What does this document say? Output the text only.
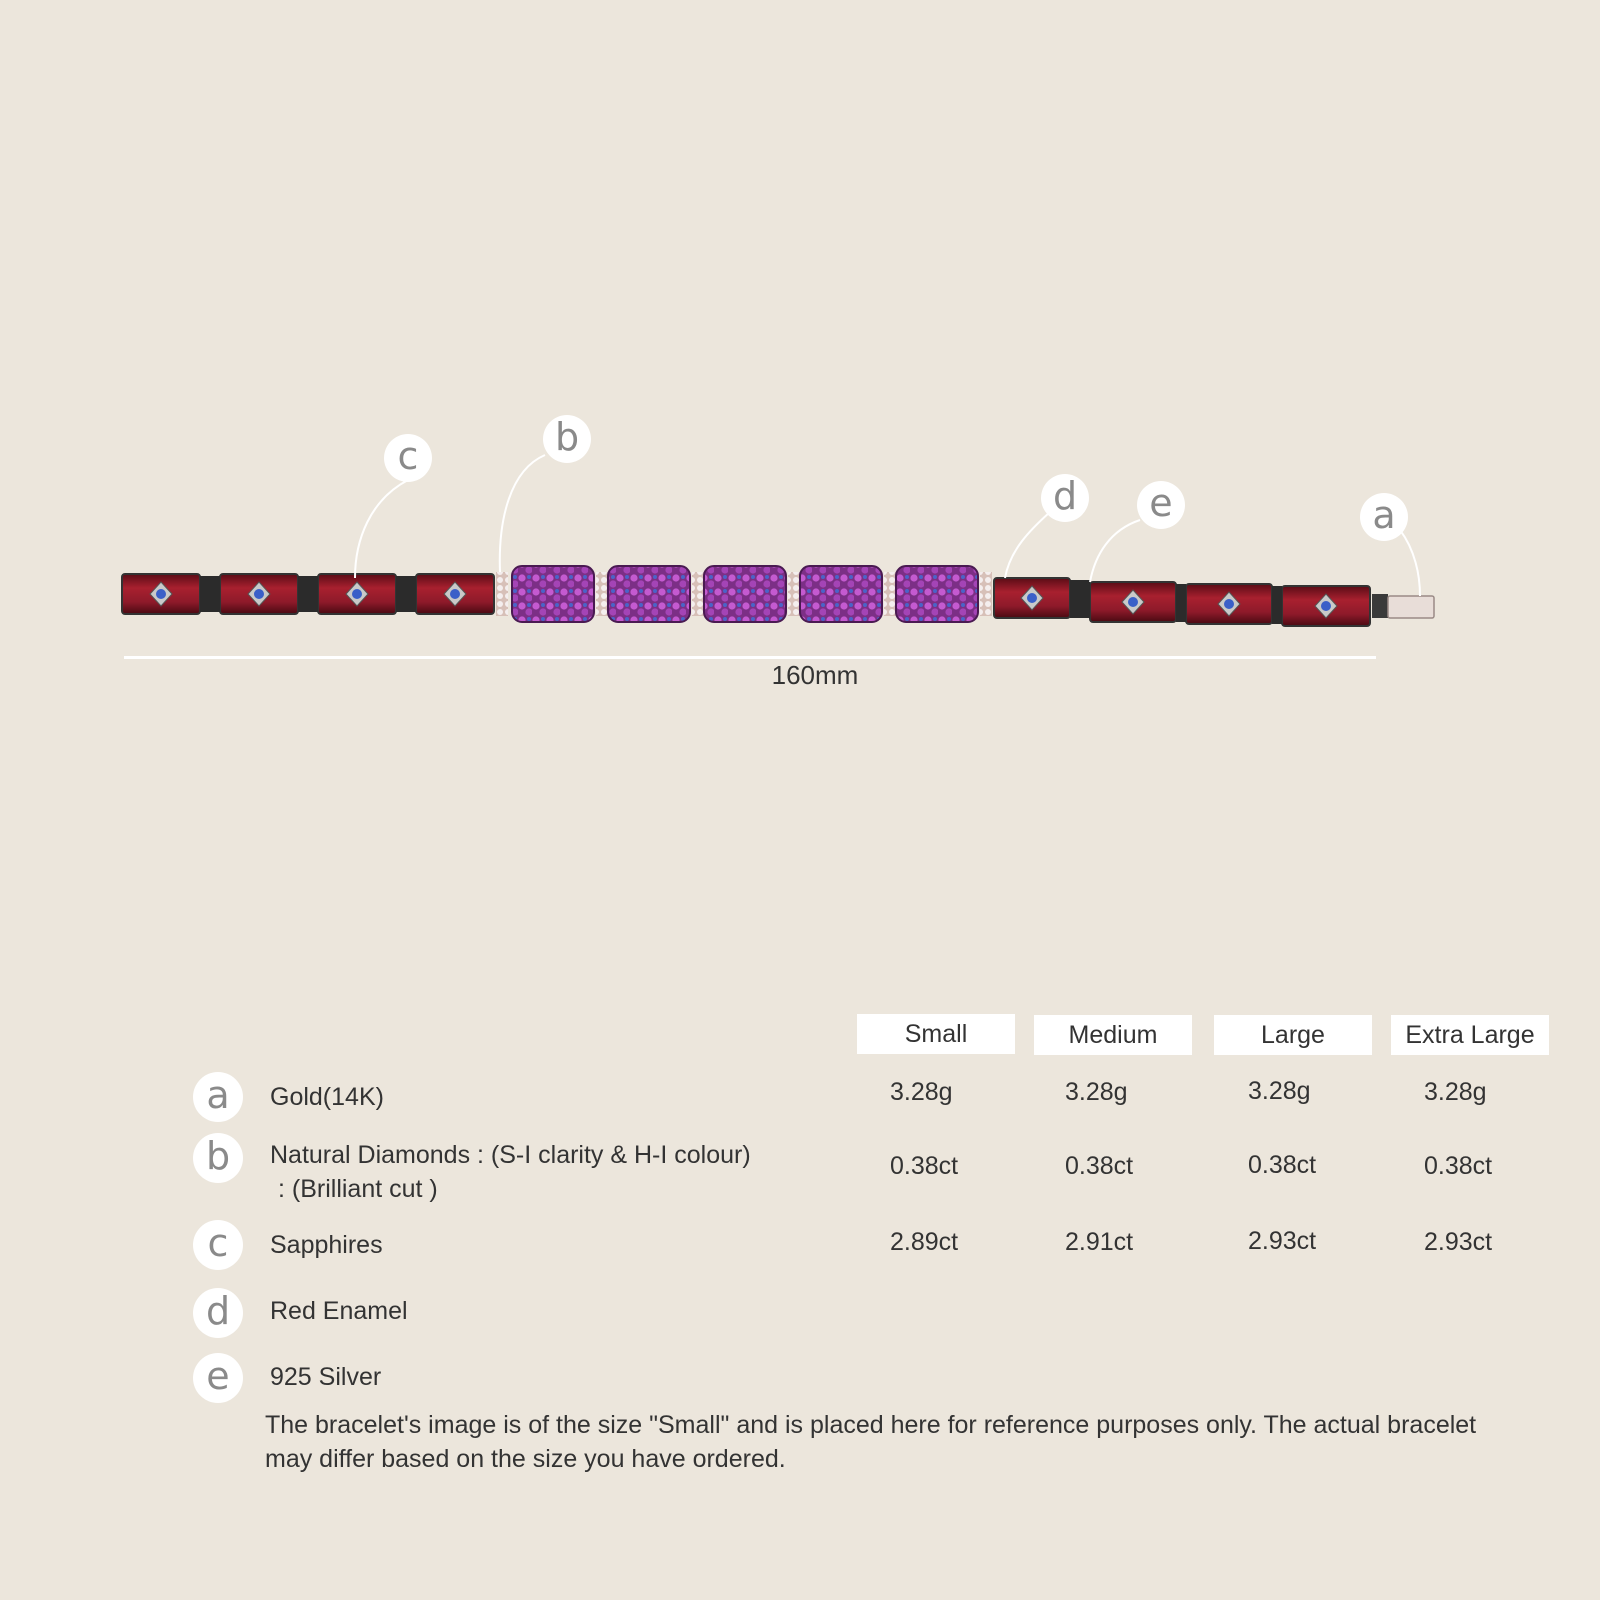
c	b
d	e	a
160mm
Small	Medium	Large	Extra Large
a	Gold(14K)	3.28g	3.28g	3.28g	3.28g
b	Natural Diamonds : (S-I clarity & H-I colour)
: (Brilliant cut )
0.38ct	0.38ct	0.38ct	0.38ct
c	Sapphires	2.89ct	2.91ct	2.93ct	2.93ct
d	Red Enamel
e	925 Silver
The bracelet's image is of the size "Small" and is placed here for reference purposes only. The actual bracelet may differ based on the size you have ordered.
